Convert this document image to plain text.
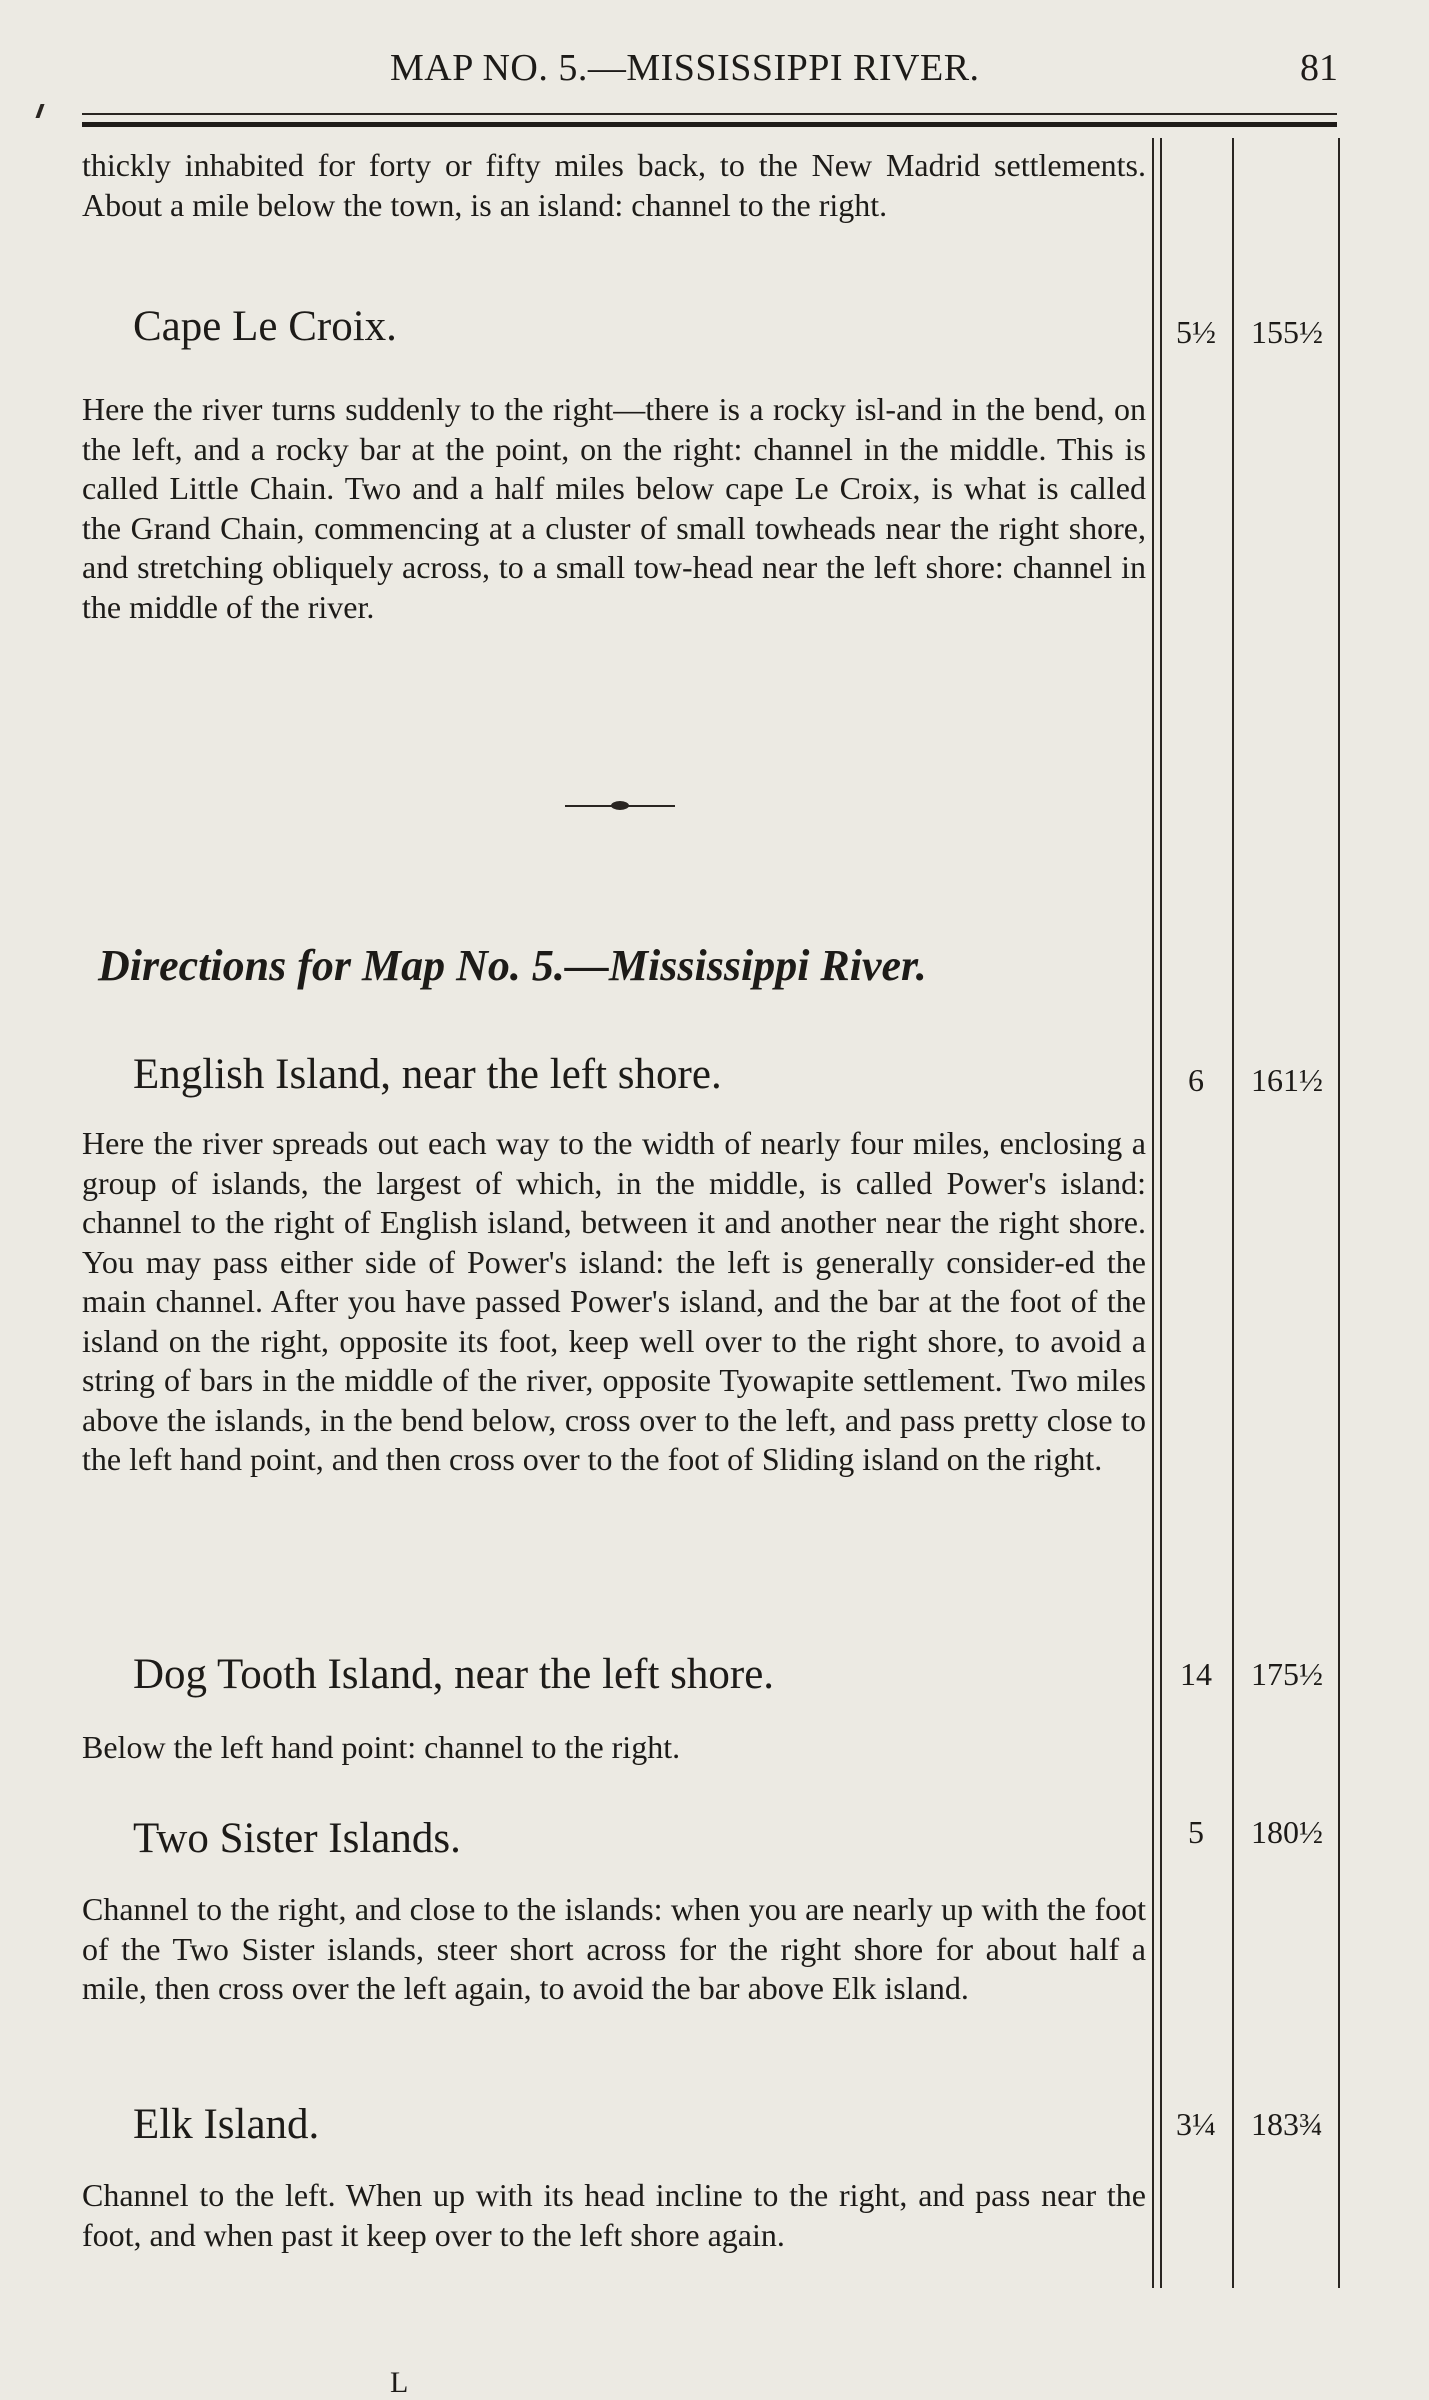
MAP NO. 5.—MISSISSIPPI RIVER.	81

thickly inhabited for forty or fifty miles back, to the New Madrid settlements. About a mile below the town, is an island: channel to the right.

Cape Le Croix.	5½	155½

Here the river turns suddenly to the right—there is a rocky isl-and in the bend, on the left, and a rocky bar at the point, on the right: channel in the middle. This is called Little Chain. Two and a half miles below cape Le Croix, is what is called the Grand Chain, commencing at a cluster of small towheads near the right shore, and stretching obliquely across, to a small tow-head near the left shore: channel in the middle of the river.

Directions for Map No. 5.—Mississippi River.
English Island, near the left shore.	6	161½

Here the river spreads out each way to the width of nearly four miles, enclosing a group of islands, the largest of which, in the middle, is called Power's island: channel to the right of English island, between it and another near the right shore. You may pass either side of Power's island: the left is generally consider-ed the main channel. After you have passed Power's island, and the bar at the foot of the island on the right, opposite its foot, keep well over to the right shore, to avoid a string of bars in the middle of the river, opposite Tyowapite settlement. Two miles above the islands, in the bend below, cross over to the left, and pass pretty close to the left hand point, and then cross over to the foot of Sliding island on the right.

Dog Tooth Island, near the left shore.	14	175½

Below the left hand point: channel to the right.

Two Sister Islands.	5	180½

Channel to the right, and close to the islands: when you are nearly up with the foot of the Two Sister islands, steer short across for the right shore for about half a mile, then cross over the left again, to avoid the bar above Elk island.

Elk Island.	3¼	183¾

Channel to the left. When up with its head incline to the right, and pass near the foot, and when past it keep over to the left shore again.

L
